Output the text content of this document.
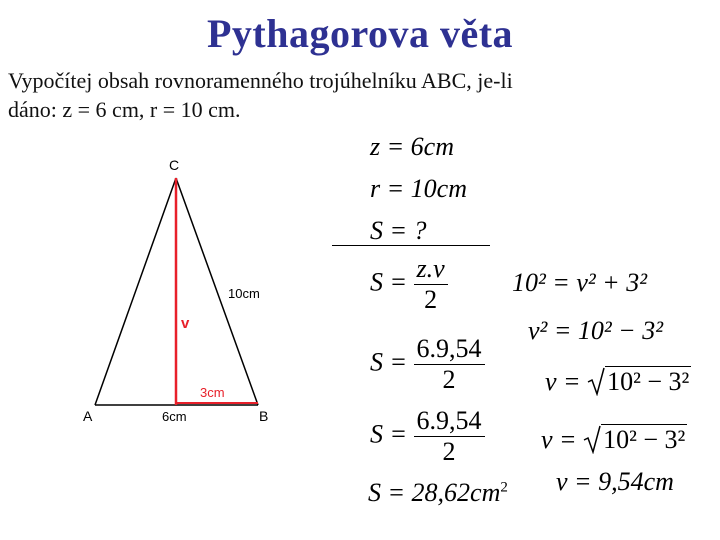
Pythagorova věta
Vypočítej obsah rovnoramenného trojúhelníku ABC, je-li
dáno: z = 6 cm, r = 10 cm.
C
A	B
10cm
6cm
3cm
v
z = 6cm
r = 10cm
S = ?
$S = \frac{z.v}{2}$
$S = \frac{6.9,54}{2}$
$S = \frac{6.9,54}{2}$
$S = 28,62cm^2$
10² = v² + 3²
v² = 10² − 3²
v = 10² − 3²
v = 10² − 3²
v = 9,54cm
